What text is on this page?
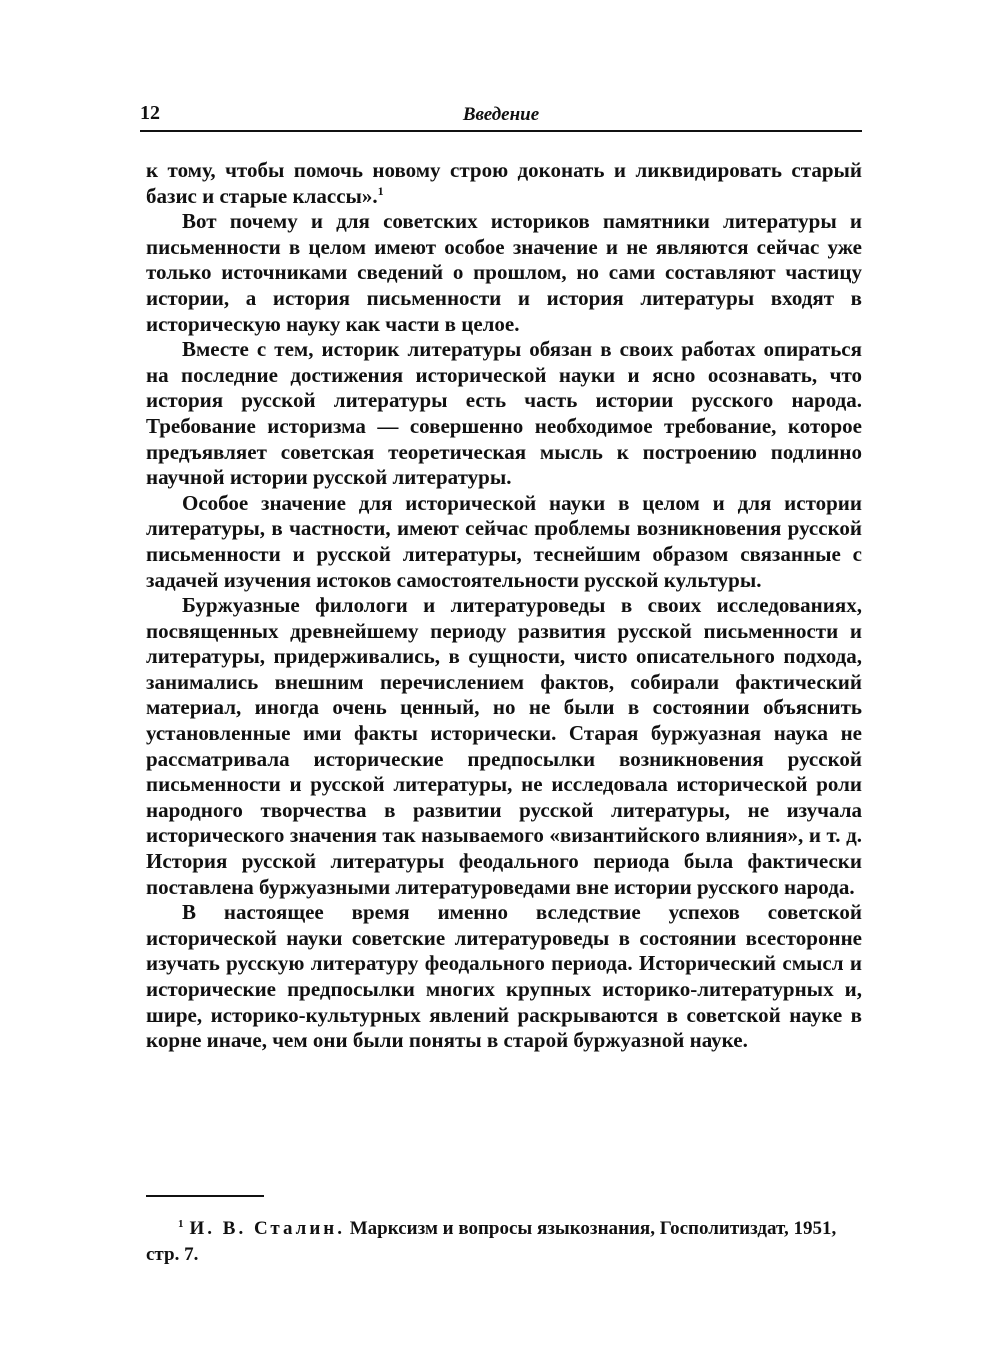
12	Введение

к тому, чтобы помочь новому строю доконать и ликвидировать старый базис и старые классы».$^1$

Вот почему и для советских историков памятники литературы и письменности в целом имеют особое значение и не являются сейчас уже только источниками сведений о прошлом, но сами составляют частицу истории, а история письменности и история литературы входят в историческую науку как части в целое.

Вместе с тем, историк литературы обязан в своих работах опираться на последние достижения исторической науки и ясно осознавать, что история русской литературы есть часть истории русского народа. Требование историзма — совершенно необходимое требование, которое предъявляет советская теоретическая мысль к построению подлинно научной истории русской литературы.

Особое значение для исторической науки в целом и для истории литературы, в частности, имеют сейчас проблемы возникновения русской письменности и русской литературы, теснейшим образом связанные с задачей изучения истоков самостоятельности русской культуры.

Буржуазные филологи и литературоведы в своих исследованиях, посвященных древнейшему периоду развития русской письменности и литературы, придерживались, в сущности, чисто описательного подхода, занимались внешним перечислением фактов, собирали фактический материал, иногда очень ценный, но не были в состоянии объяснить установленные ими факты исторически. Старая буржуазная наука не рассматривала исторические предпосылки возникновения русской письменности и русской литературы, не исследовала исторической роли народного творчества в развитии русской литературы, не изучала исторического значения так называемого «византийского влияния», и т. д. История русской литературы феодального периода была фактически поставлена буржуазными литературоведами вне истории русского народа.

В настоящее время именно вследствие успехов советской исторической науки советские литературоведы в состоянии всесторонне изучать русскую литературу феодального периода. Исторический смысл и исторические предпосылки многих крупных историко-литературных и, шире, историко-культурных явлений раскрываются в советской науке в корне иначе, чем они были поняты в старой буржуазной науке.

$^1$ И. В. Сталин. Марксизм и вопросы языкознания, Госполитиздат, 1951, стр. 7.
